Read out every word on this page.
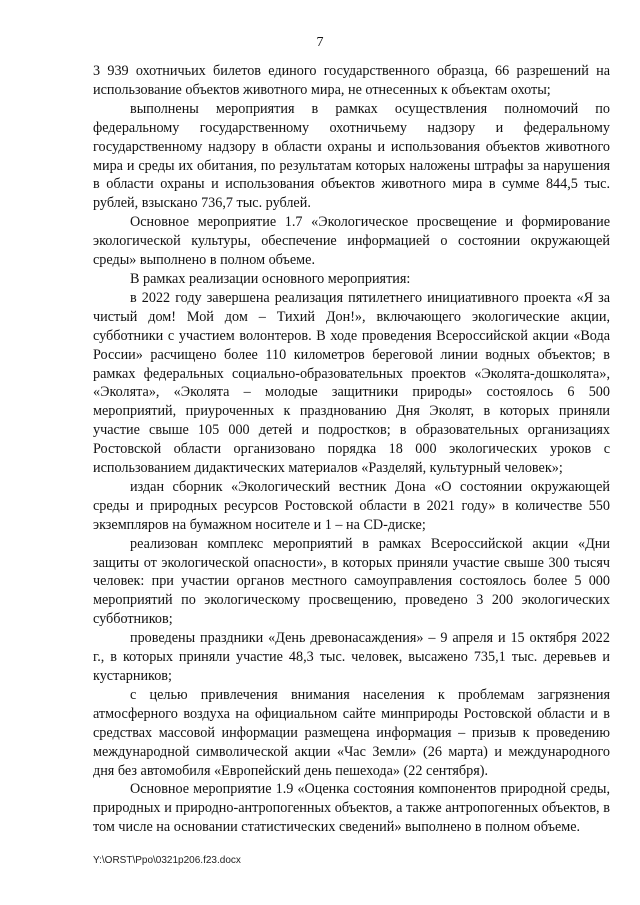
7

3 939 охотничьих билетов единого государственного образца, 66 разрешений на использование объектов животного мира, не отнесенных к объектам охоты;

выполнены мероприятия в рамках осуществления полномочий по федеральному государственному охотничьему надзору и федеральному государственному надзору в области охраны и использования объектов животного мира и среды их обитания, по результатам которых наложены штрафы за нарушения в области охраны и использования объектов животного мира в сумме 844,5 тыс. рублей, взыскано 736,7 тыс. рублей.

Основное мероприятие 1.7 «Экологическое просвещение и формирование экологической культуры, обеспечение информацией о состоянии окружающей среды» выполнено в полном объеме.

В рамках реализации основного мероприятия:

в 2022 году завершена реализация пятилетнего инициативного проекта «Я за чистый дом! Мой дом – Тихий Дон!», включающего экологические акции, субботники с участием волонтеров. В ходе проведения Всероссийской акции «Вода России» расчищено более 110 километров береговой линии водных объектов; в рамках федеральных социально-образовательных проектов «Эколята-дошколята», «Эколята», «Эколята – молодые защитники природы» состоялось 6 500 мероприятий, приуроченных к празднованию Дня Эколят, в которых приняли участие свыше 105 000 детей и подростков; в образовательных организациях Ростовской области организовано порядка 18 000 экологических уроков с использованием дидактических материалов «Разделяй, культурный человек»;

издан сборник «Экологический вестник Дона «О состоянии окружающей среды и природных ресурсов Ростовской области в 2021 году» в количестве 550 экземпляров на бумажном носителе и 1 – на CD-диске;

реализован комплекс мероприятий в рамках Всероссийской акции «Дни защиты от экологической опасности», в которых приняли участие свыше 300 тысяч человек: при участии органов местного самоуправления состоялось более 5 000 мероприятий по экологическому просвещению, проведено 3 200 экологических субботников;

проведены праздники «День древонасаждения» – 9 апреля и 15 октября 2022 г., в которых приняли участие 48,3 тыс. человек, высажено 735,1 тыс. деревьев и кустарников;

с целью привлечения внимания населения к проблемам загрязнения атмосферного воздуха на официальном сайте минприроды Ростовской области и в средствах массовой информации размещена информация – призыв к проведению международной символической акции «Час Земли» (26 марта) и международного дня без автомобиля «Европейский день пешехода» (22 сентября).

Основное мероприятие 1.9 «Оценка состояния компонентов природной среды, природных и природно-антропогенных объектов, а также антропогенных объектов, в том числе на основании статистических сведений» выполнено в полном объеме.

Y:\ORST\Ppo\0321p206.f23.docx
